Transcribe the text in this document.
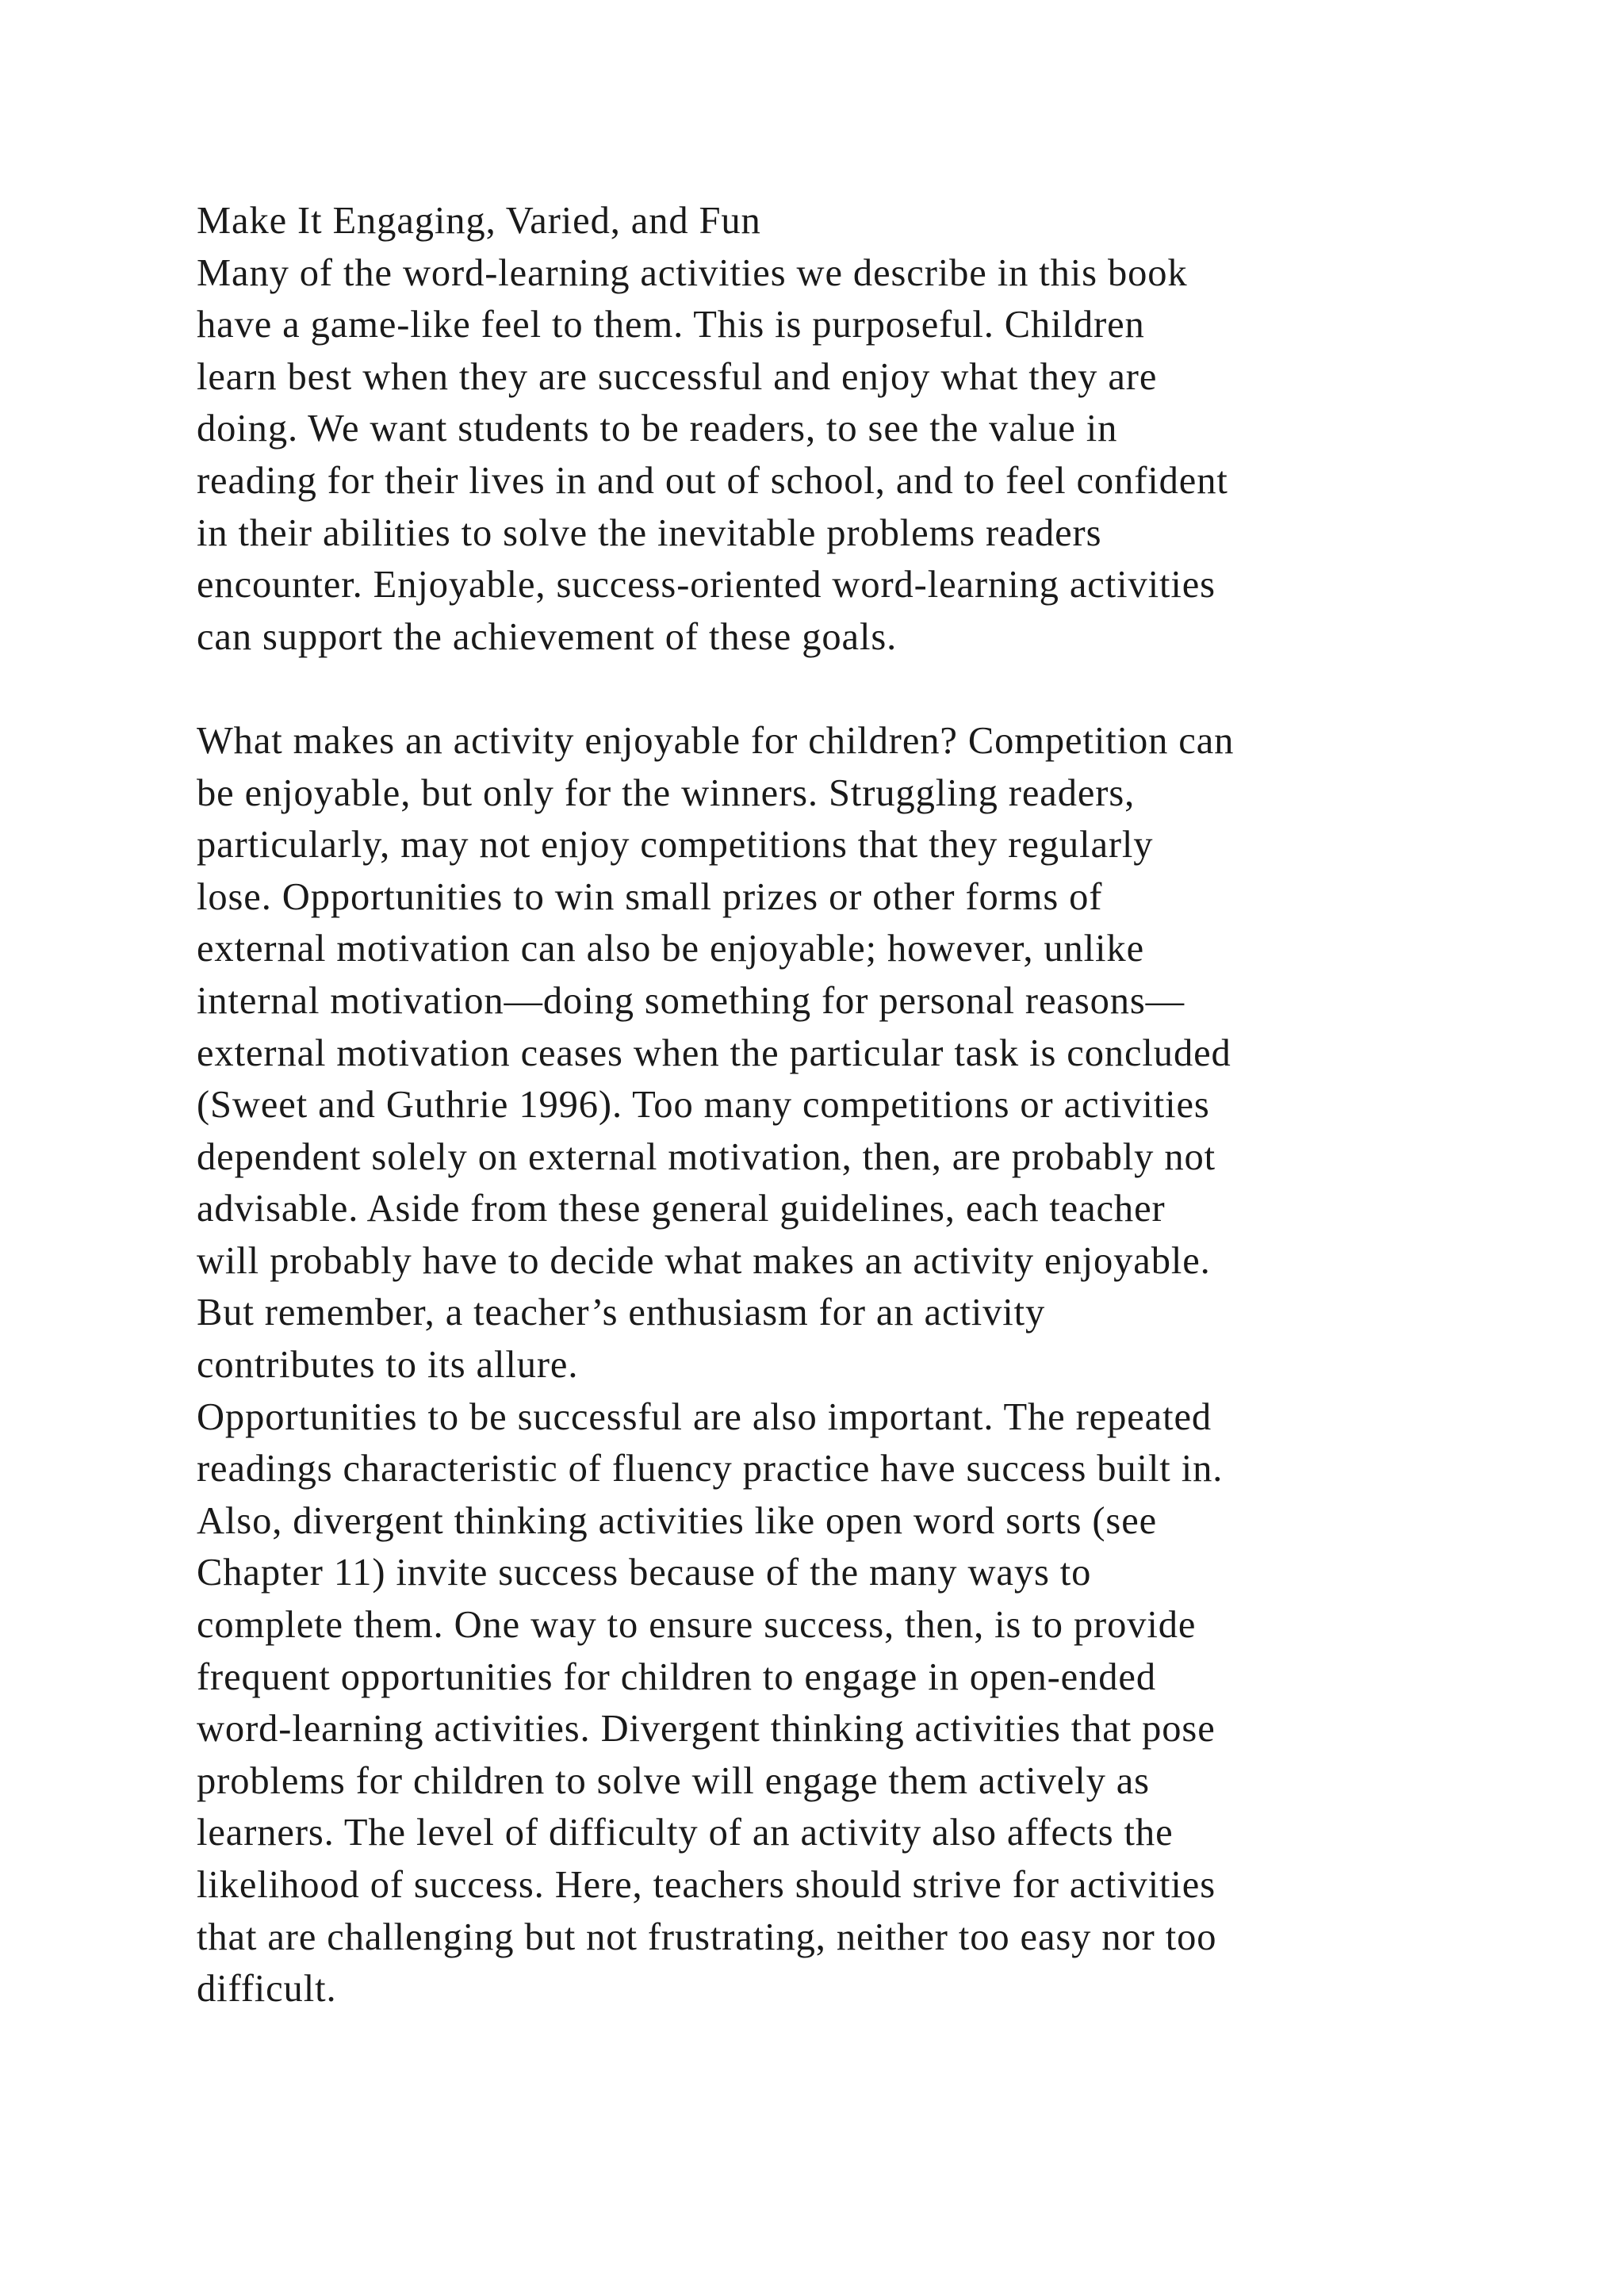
Make It Engaging, Varied, and Fun
Many of the word-learning activities we describe in this book
have a game-like feel to them. This is purposeful. Children
learn best when they are successful and enjoy what they are
doing. We want students to be readers, to see the value in
reading for their lives in and out of school, and to feel confident
in their abilities to solve the inevitable problems readers
encounter. Enjoyable, success-oriented word-learning activities
can support the achievement of these goals.
What makes an activity enjoyable for children? Competition can
be enjoyable, but only for the winners. Struggling readers,
particularly, may not enjoy competitions that they regularly
lose. Opportunities to win small prizes or other forms of
external motivation can also be enjoyable; however, unlike
internal motivation—doing something for personal reasons—
external motivation ceases when the particular task is concluded
(Sweet and Guthrie 1996). Too many competitions or activities
dependent solely on external motivation, then, are probably not
advisable. Aside from these general guidelines, each teacher
will probably have to decide what makes an activity enjoyable.
But remember, a teacher’s enthusiasm for an activity
contributes to its allure.
Opportunities to be successful are also important. The repeated
readings characteristic of fluency practice have success built in.
Also, divergent thinking activities like open word sorts (see
Chapter 11) invite success because of the many ways to
complete them. One way to ensure success, then, is to provide
frequent opportunities for children to engage in open-ended
word-learning activities. Divergent thinking activities that pose
problems for children to solve will engage them actively as
learners. The level of difficulty of an activity also affects the
likelihood of success. Here, teachers should strive for activities
that are challenging but not frustrating, neither too easy nor too
difficult.
